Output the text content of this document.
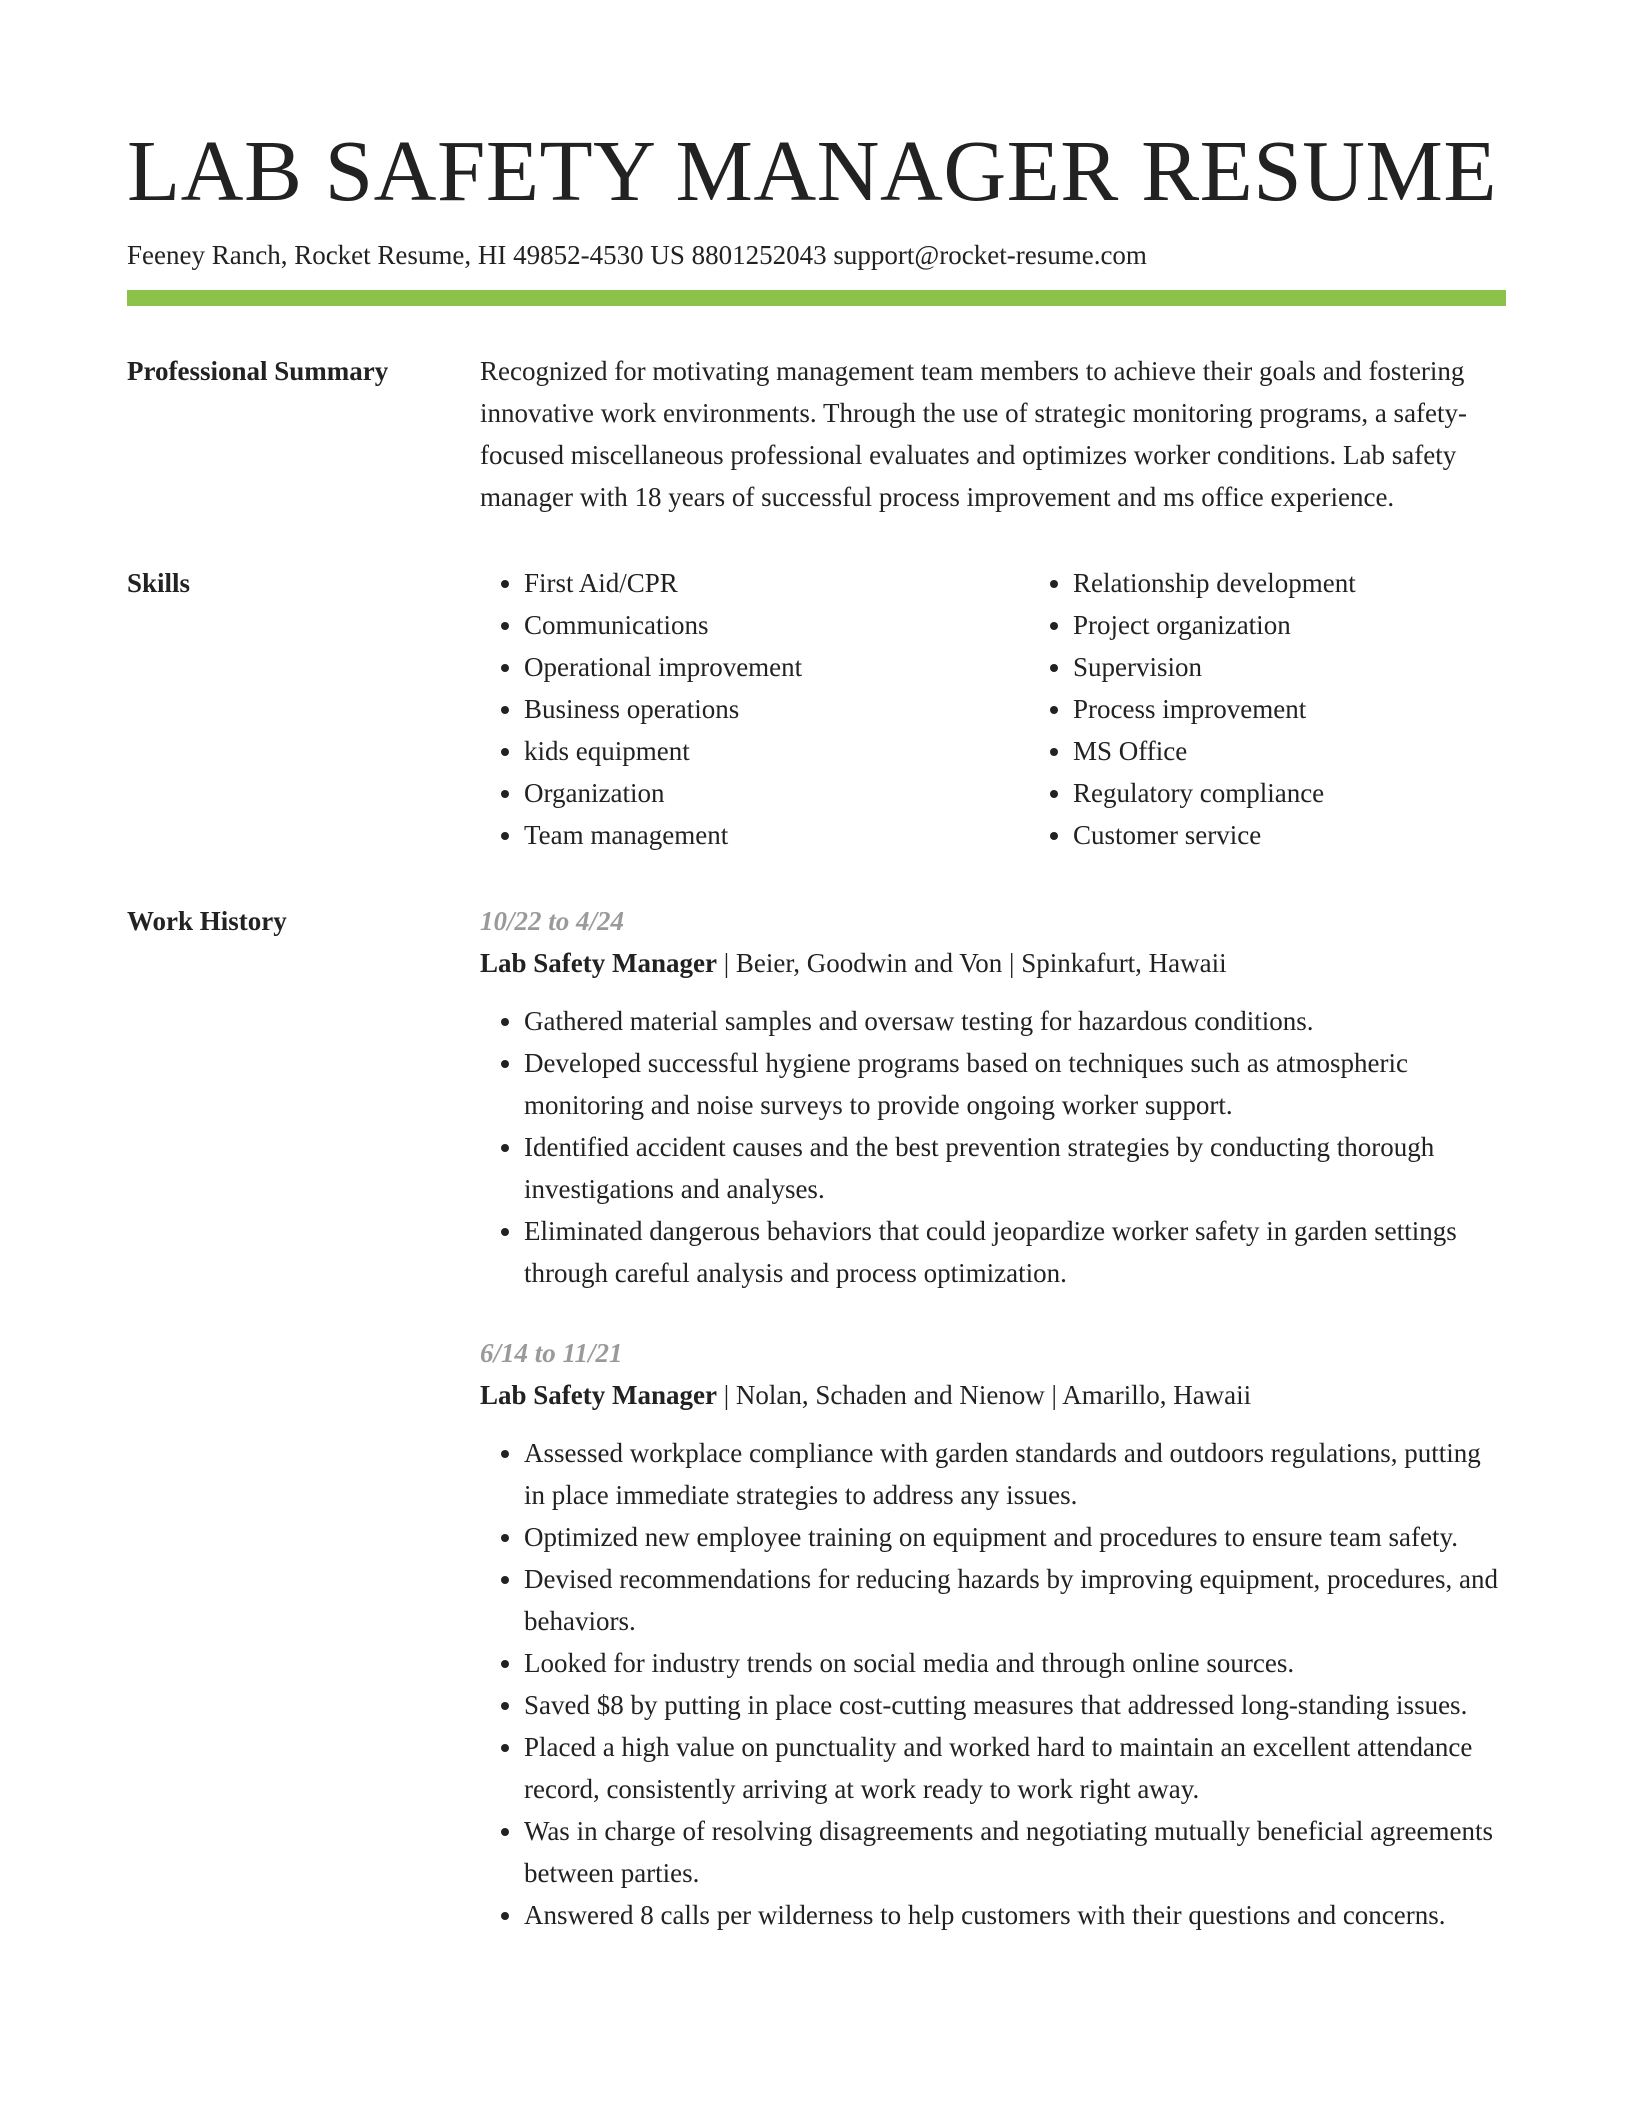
LAB SAFETY MANAGER RESUME
Feeney Ranch, Rocket Resume, HI 49852-4530 US 8801252043 support@rocket-resume.com
Professional Summary	Recognized for motivating management team members to achieve their goals and fostering innovative work environments. Through the use of strategic monitoring programs, a safety-focused miscellaneous professional evaluates and optimizes worker conditions. Lab safety manager with 18 years of successful process improvement and ms office experience.

Skills
•	First Aid/CPR
• Communications
• Operational improvement
• Business operations
• kids equipment
• Organization
• Team management
• Relationship development
• Project organization
• Supervision
• Process improvement
• MS Office
• Regulatory compliance
• Customer service
Work History	10/22 to 4/24
Lab Safety Manager | Beier, Goodwin and Von | Spinkafurt, Hawaii
• Gathered material samples and oversaw testing for hazardous conditions.
• Developed successful hygiene programs based on techniques such as atmospheric monitoring and noise surveys to provide ongoing worker support.
• Identified accident causes and the best prevention strategies by conducting thorough investigations and analyses.
• Eliminated dangerous behaviors that could jeopardize worker safety in garden settings through careful analysis and process optimization.
6/14 to 11/21
Lab Safety Manager | Nolan, Schaden and Nienow | Amarillo, Hawaii
• Assessed workplace compliance with garden standards and outdoors regulations, putting in place immediate strategies to address any issues.
• Optimized new employee training on equipment and procedures to ensure team safety.
• Devised recommendations for reducing hazards by improving equipment, procedures, and behaviors.
• Looked for industry trends on social media and through online sources.
• Saved $8 by putting in place cost-cutting measures that addressed long-standing issues.
• Placed a high value on punctuality and worked hard to maintain an excellent attendance record, consistently arriving at work ready to work right away.
• Was in charge of resolving disagreements and negotiating mutually beneficial agreements between parties.
• Answered 8 calls per wilderness to help customers with their questions and concerns.
